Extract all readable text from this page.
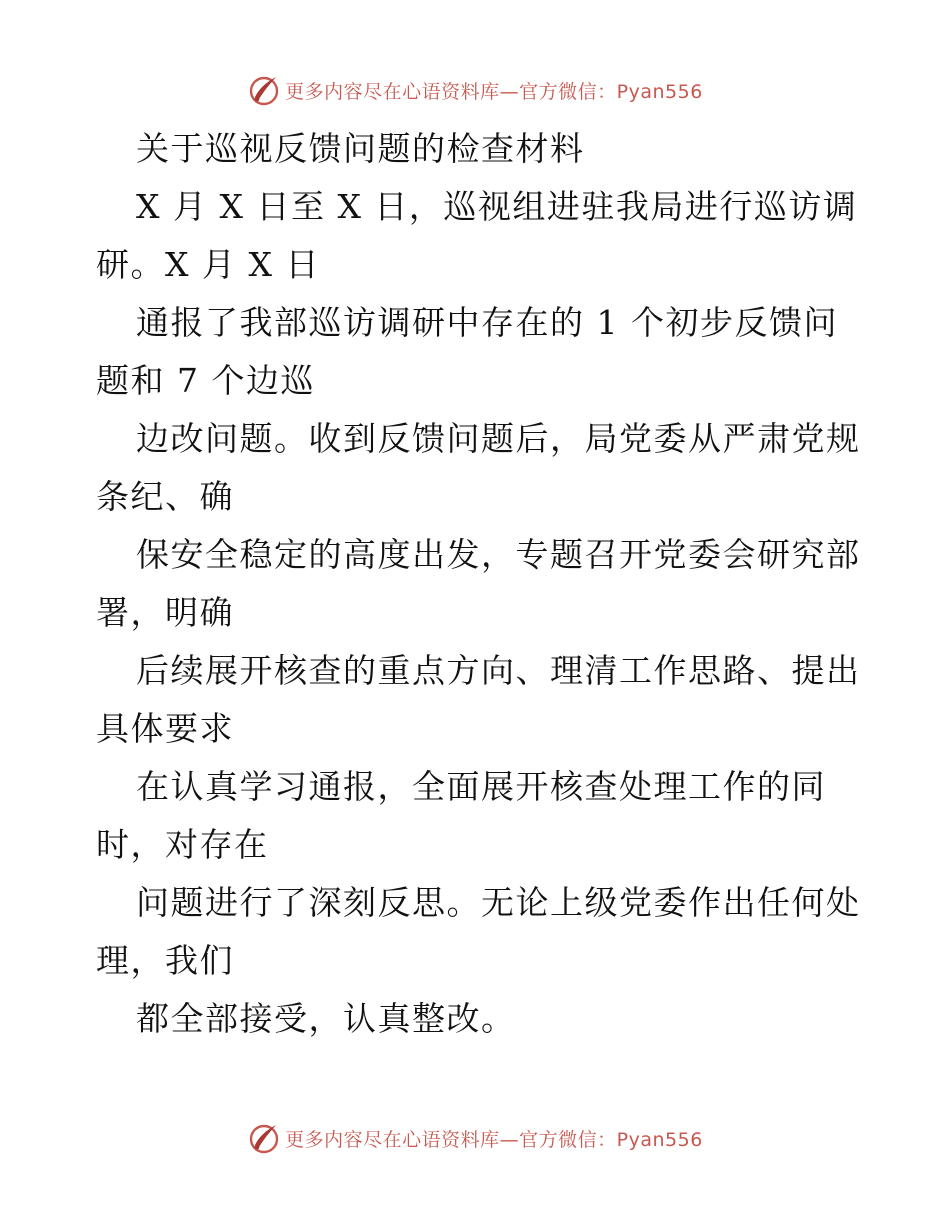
更多内容尽在心语资料库—官方微信：Pyan556
关于巡视反馈问题的检查材料
X 月 X 日至 X 日，巡视组进驻我局进行巡访调
研。X 月 X 日
通报了我部巡访调研中存在的 1 个初步反馈问
题和 7 个边巡
边改问题。收到反馈问题后，局党委从严肃党规
条纪、确
保安全稳定的高度出发，专题召开党委会研究部
署，明确
后续展开核查的重点方向、理清工作思路、提出
具体要求
在认真学习通报，全面展开核查处理工作的同
时，对存在
问题进行了深刻反思。无论上级党委作出任何处
理，我们
都全部接受，认真整改。
更多内容尽在心语资料库—官方微信：Pyan556
